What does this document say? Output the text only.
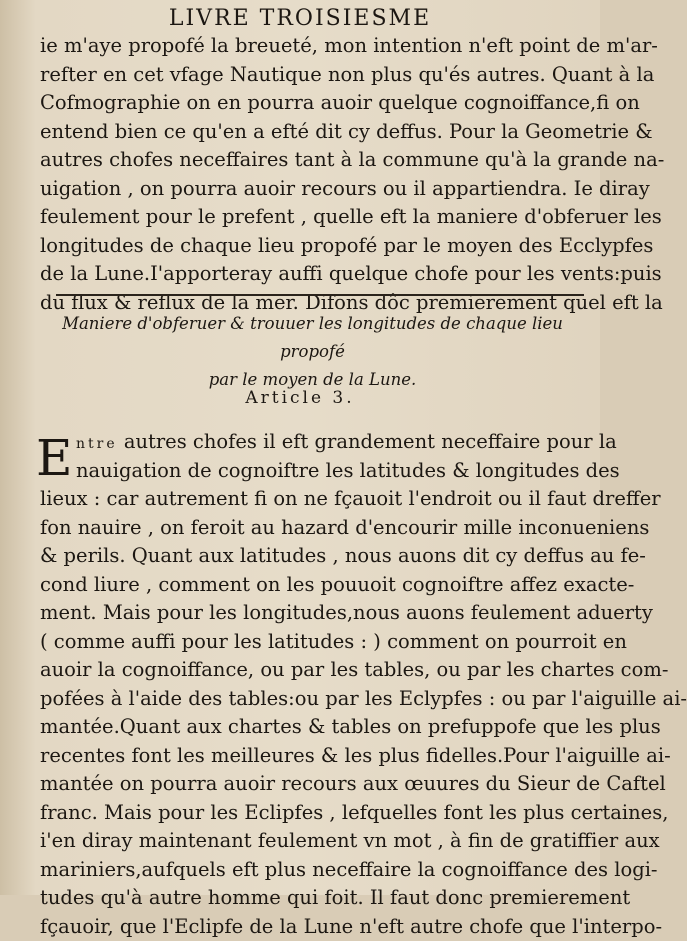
LIVRE TROISIESME
ie m'aye propofé la breueté, mon intention n'eft point de m'ar-
refter en cet vfage Nautique non plus qu'és autres. Quant à la
Cofmographie on en pourra auoir quelque cognoiffance,fi on
entend bien ce qu'en a efté dit cy deffus. Pour la Geometrie &
autres chofes neceffaires tant à la commune qu'à la grande na-
uigation , on pourra auoir recours ou il appartiendra. Ie diray
feulement pour le prefent , quelle eft la maniere d'obferuer les
longitudes de chaque lieu propofé par le moyen des Ecclypfes
de la Lune.I'apporteray auffi quelque chofe pour les vents:puis
du flux & reflux de la mer. Difons dôc premierement quel eft la
Maniere d'obferuer & trouuer les longitudes de chaque lieu propofé
par le moyen de la Lune.
Article 3.
E ntre autres chofes il eft grandement neceffaire pour la
nauigation de cognoiftre les latitudes & longitudes des
lieux : car autrement fi on ne fçauoit l'endroit ou il faut dreffer
fon nauire , on feroit au hazard d'encourir mille inconueniens
& perils. Quant aux latitudes , nous auons dit cy deffus au fe-
cond liure , comment on les pouuoit cognoiftre affez exacte-
ment. Mais pour les longitudes,nous auons feulement aduerty
( comme auffi pour les latitudes : ) comment on pourroit en
auoir la cognoiffance, ou par les tables, ou par les chartes com-
pofées à l'aide des tables:ou par les Eclypfes : ou par l'aiguille ai-
mantée.Quant aux chartes & tables on prefuppofe que les plus
recentes font les meilleures & les plus fidelles.Pour l'aiguille ai-
mantée on pourra auoir recours aux œuures du Sieur de Caftel
franc. Mais pour les Eclipfes , lefquelles font les plus certaines,
i'en diray maintenant feulement vn mot , à fin de gratiffier aux
mariniers,aufquels eft plus neceffaire la cognoiffance des logi-
tudes qu'à autre homme qui foit. Il faut donc premierement
fçauoir, que l'Eclipfe de la Lune n'eft autre chofe que l'interpo-
